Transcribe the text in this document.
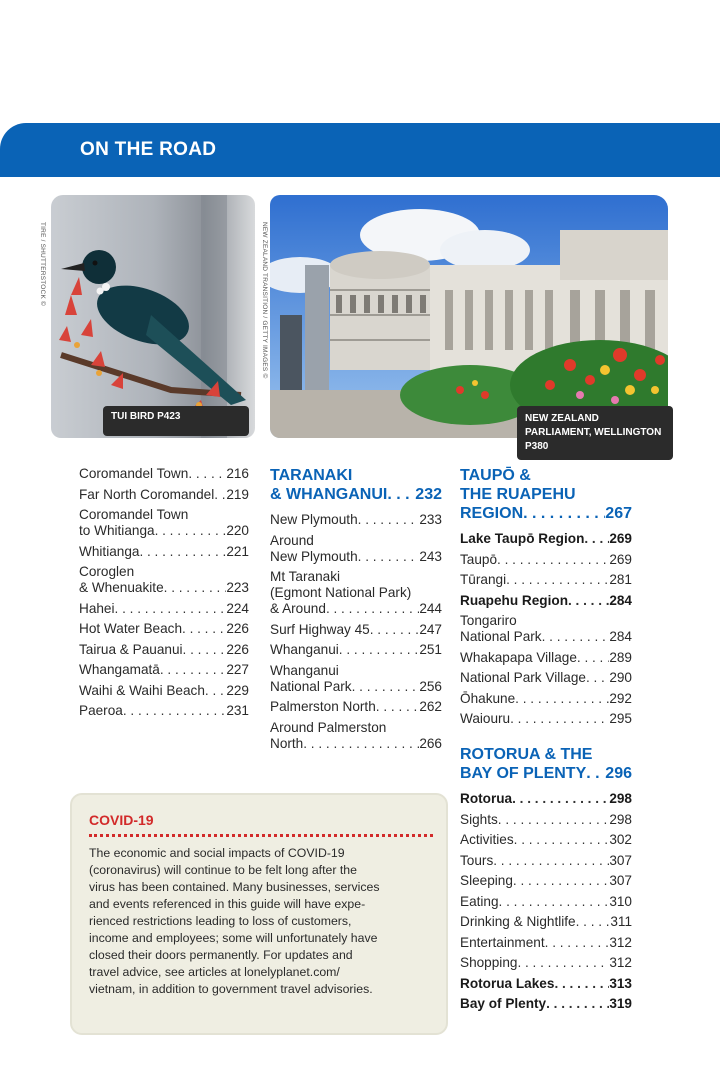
ON THE ROAD
TIRE / SHUTTERSTOCK ©
TUI BIRD P423
NEW ZEALAND TRANSITION / GETTY IMAGES ©
NEW ZEALAND PARLIAMENT, WELLINGTON P380
Coromandel Town . . .	216
Far North Coromandel . . . 219
Coromandel Town
to Whitianga . . .	220
Whitianga . . .	221
Coroglen
& Whenuakite . . .	223
Hahei . . .	224
Hot Water Beach . . .	226
Tairua & Pauanui . . .	226
Whangamatā . . .	227
Waihi & Waihi Beach . . . 229
Paeroa . . .	231
TARANAKI
& WHANGANUI . . . 232
New Plymouth . . .	233
Around
New Plymouth . . .	243
Mt Taranaki
(Egmont National Park)
& Around . . .	244
Surf Highway 45 . . .	247
Whanganui . . .	251
Whanganui
National Park . . .	256
Palmerston North . . .	262
Around Palmerston
North . . .	266
TAUPŌ &
THE RUAPEHU
REGION . . .	267
Lake Taupō Region . . . 269
Taupō . . .	269
Tūrangi . . .	281
Ruapehu Region . . .	284
Tongariro
National Park . . .	284
Whakapapa Village . . . 289
National Park Village . . . 290
Ōhakune . . .	292
Waiouru . . .	295
ROTORUA & THE
BAY OF PLENTY . . . 296
Rotorua . . .	298
Sights . . .	298
Activities . . .	302
Tours . . .	307
Sleeping . . .	307
Eating . . .	310
Drinking & Nightlife . . .	311
Entertainment . . .	312
Shopping . . .	312
Rotorua Lakes . . .	313
Bay of Plenty . . .	319
COVID-19
The economic and social impacts of COVID-19
(coronavirus) will continue to be felt long after the
virus has been contained. Many businesses, services
and events referenced in this guide will have expe-
rienced restrictions leading to loss of customers,
income and employees; some will unfortunately have
closed their doors permanently. For updates and
travel advice, see articles at lonelyplanet.com/
vietnam, in addition to government travel advisories.
